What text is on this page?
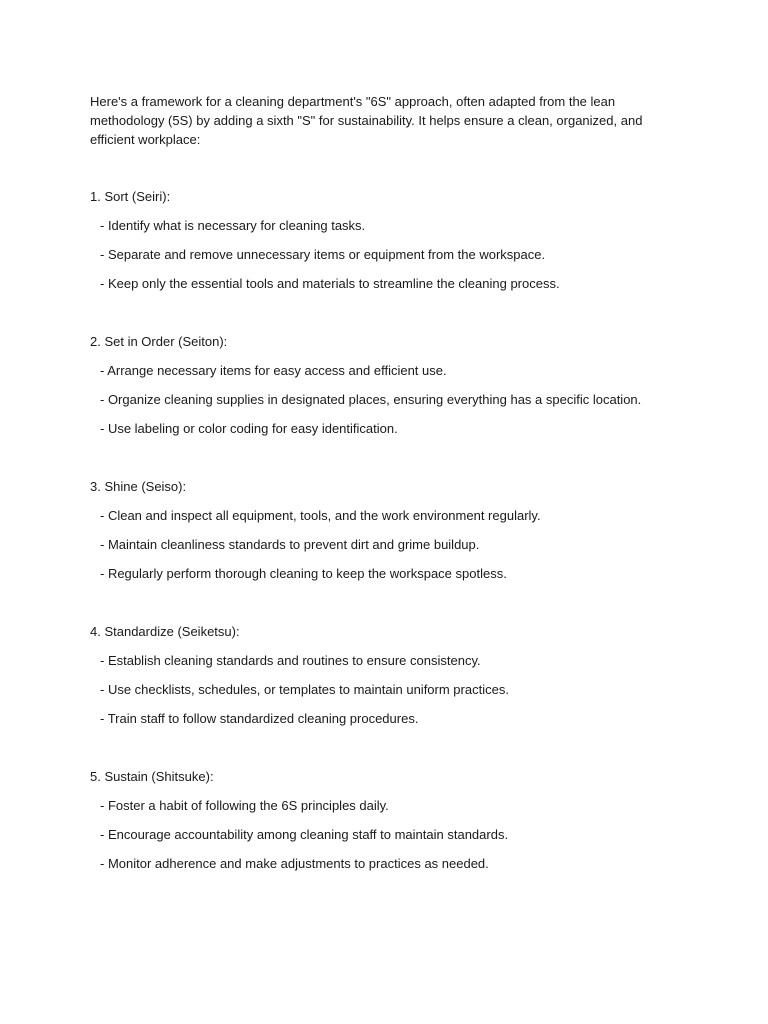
Here's a framework for a cleaning department's "6S" approach, often adapted from the lean methodology (5S) by adding a sixth "S" for sustainability. It helps ensure a clean, organized, and efficient workplace:

1. Sort (Seiri):

- Identify what is necessary for cleaning tasks.

- Separate and remove unnecessary items or equipment from the workspace.

- Keep only the essential tools and materials to streamline the cleaning process.

2. Set in Order (Seiton):

- Arrange necessary items for easy access and efficient use.

- Organize cleaning supplies in designated places, ensuring everything has a specific location.

- Use labeling or color coding for easy identification.

3. Shine (Seiso):

- Clean and inspect all equipment, tools, and the work environment regularly.

- Maintain cleanliness standards to prevent dirt and grime buildup.

- Regularly perform thorough cleaning to keep the workspace spotless.

4. Standardize (Seiketsu):

- Establish cleaning standards and routines to ensure consistency.

- Use checklists, schedules, or templates to maintain uniform practices.

- Train staff to follow standardized cleaning procedures.

5. Sustain (Shitsuke):

- Foster a habit of following the 6S principles daily.

- Encourage accountability among cleaning staff to maintain standards.

- Monitor adherence and make adjustments to practices as needed.
